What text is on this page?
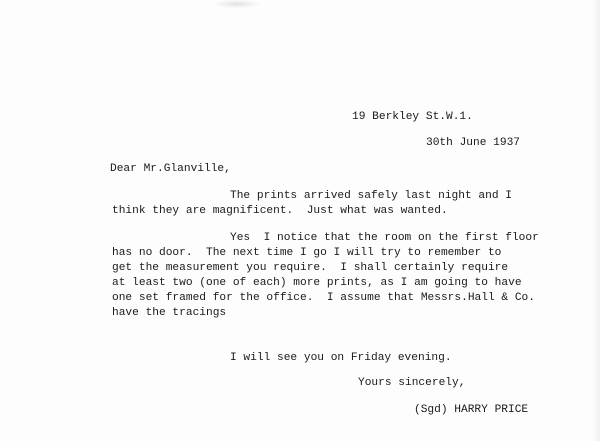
19 Berkley St.W.1.
30th June 1937
Dear Mr.Glanville,
The prints arrived safely last night and I
think they are magnificent.  Just what was wanted.
Yes  I notice that the room on the first floor
has no door.  The next time I go I will try to remember to
get the measurement you require.  I shall certainly require
at least two (one of each) more prints, as I am going to have
one set framed for the office.  I assume that Messrs.Hall & Co.
have the tracings
I will see you on Friday evening.
Yours sincerely,
(Sgd) HARRY PRICE
